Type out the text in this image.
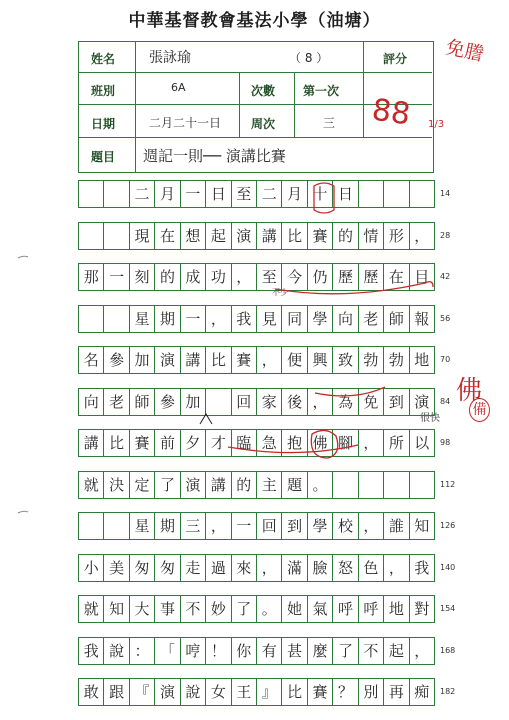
中華基督教會基法小學（油塘）
姓名 張詠瑜	（ 8 ）	評分
班別	6A	次數 第一次
日期	二月二十一日 周次	三
題目 週記一則── 演講比賽
免謄
88 1/3
佛
備
不少
很快
二 月 一 日 至 二 月 十 日	14
現 在 想 起 演 講 比 賽 的 情 形 ，	28
那 一 刻 的 成 功 ， 至 今 仍 歷 歷 在 目	42
星 期 一 ， 我 見 同 學 向 老 師 報	56
名 參 加 演 講 比 賽 ， 便 興 致 勃 勃 地	70
向 老 師 參 加	回 家 後 ， 為 免 到 演	84
講 比 賽 前 夕 才 臨 急 抱 佛 腳 ， 所 以	98
就 決 定 了 演 講 的 主 題 。	112
星 期 三 ， 一 回 到 學 校 ， 誰 知	126
小 美 匆 匆 走 過 來 ， 滿 臉 怒 色 ， 我	140
就 知 大 事 不 妙 了 。 她 氣 呼 呼 地 對	154
我 說 ： 「 哼 ！ 你 有 甚 麼 了 不 起 ，	168
敢 跟 『 演 說 女 王 』 比 賽 ？ 別 再 痴	182
